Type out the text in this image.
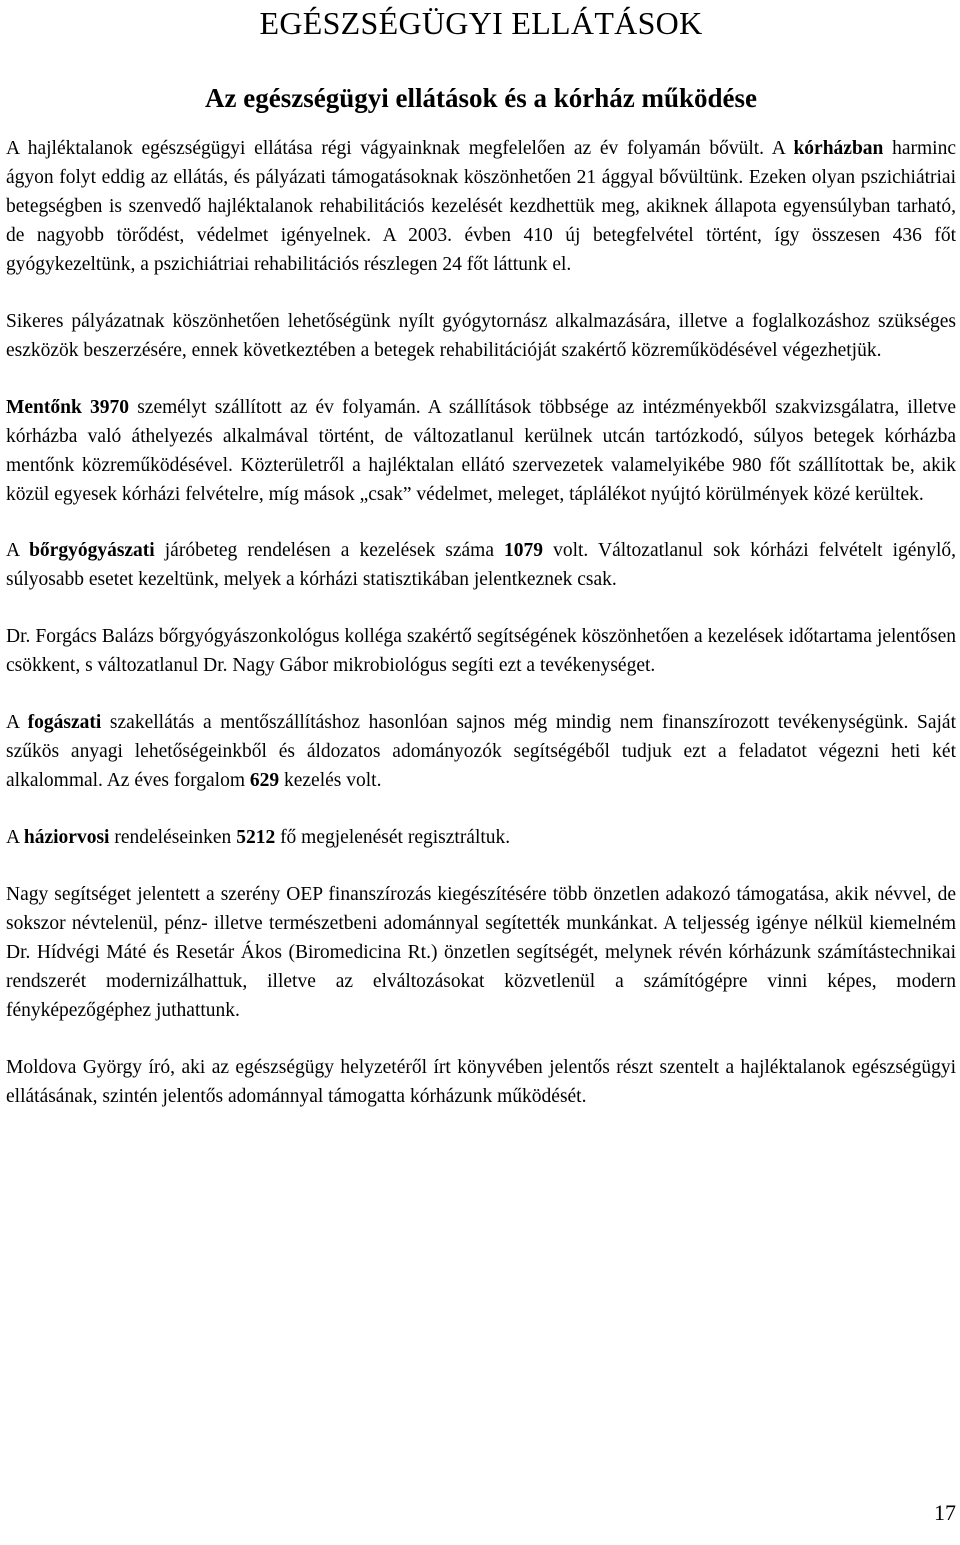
EGÉSZSÉGÜGYI ELLÁTÁSOK
Az egészségügyi ellátások és a kórház működése

A hajléktalanok egészségügyi ellátása régi vágyainknak megfelelően az év folyamán bővült. A kórházban harminc ágyon folyt eddig az ellátás, és pályázati támogatásoknak köszönhetően 21 ággyal bővültünk. Ezeken olyan pszichiátriai betegségben is szenvedő hajléktalanok rehabilitációs kezelését kezdhettük meg, akiknek állapota egyensúlyban tarható, de nagyobb törődést, védelmet igényelnek. A 2003. évben 410 új betegfelvétel történt, így összesen 436 főt gyógykezeltünk, a pszichiátriai rehabilitációs részlegen 24 főt láttunk el.

Sikeres pályázatnak köszönhetően lehetőségünk nyílt gyógytornász alkalmazására, illetve a foglalkozáshoz szükséges eszközök beszerzésére, ennek következtében a betegek rehabilitációját szakértő közreműködésével végezhetjük.

Mentőnk 3970 személyt szállított az év folyamán. A szállítások többsége az intézményekből szakvizsgálatra, illetve kórházba való áthelyezés alkalmával történt, de változatlanul kerülnek utcán tartózkodó, súlyos betegek kórházba mentőnk közreműködésével. Közterületről a hajléktalan ellátó szervezetek valamelyikébe 980 főt szállítottak be, akik közül egyesek kórházi felvételre, míg mások „csak” védelmet, meleget, táplálékot nyújtó körülmények közé kerültek.

A bőrgyógyászati járóbeteg rendelésen a kezelések száma 1079 volt. Változatlanul sok kórházi felvételt igénylő, súlyosabb esetet kezeltünk, melyek a kórházi statisztikában jelentkeznek csak.

Dr. Forgács Balázs bőrgyógyászonkológus kolléga szakértő segítségének köszönhetően a kezelések időtartama jelentősen csökkent, s változatlanul Dr. Nagy Gábor mikrobiológus segíti ezt a tevékenységet.

A fogászati szakellátás a mentőszállításhoz hasonlóan sajnos még mindig nem finanszírozott tevékenységünk. Saját szűkös anyagi lehetőségeinkből és áldozatos adományozók segítségéből tudjuk ezt a feladatot végezni heti két alkalommal. Az éves forgalom 629 kezelés volt.

A háziorvosi rendeléseinken 5212 fő megjelenését regisztráltuk.

Nagy segítséget jelentett a szerény OEP finanszírozás kiegészítésére több önzetlen adakozó támogatása, akik névvel, de sokszor névtelenül, pénz- illetve természetbeni adománnyal segítették munkánkat. A teljesség igénye nélkül kiemelném Dr. Hídvégi Máté és Resetár Ákos (Biromedicina Rt.) önzetlen segítségét, melynek révén kórházunk számítástechnikai rendszerét modernizálhattuk, illetve az elváltozásokat közvetlenül a számítógépre vinni képes, modern fényképezőgéphez juthattunk.

Moldova György író, aki az egészségügy helyzetéről írt könyvében jelentős részt szentelt a hajléktalanok egészségügyi ellátásának, szintén jelentős adománnyal támogatta kórházunk működését.

17
